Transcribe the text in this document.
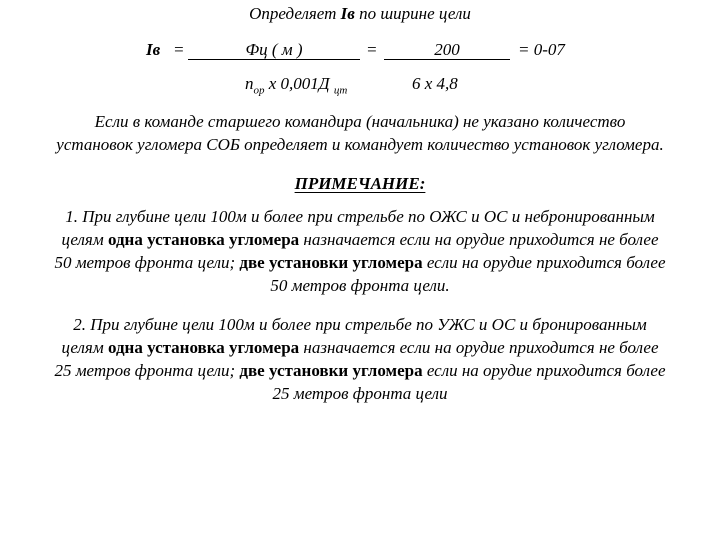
Определяет Iв по ширине цели
Iв =	Фц ( м )	=	200	= 0-07
$n_{ор}$ х 0,001Д $_{цт}$	6 х 4,8
Если в команде старшего командира (начальника) не указано количество
установок угломера СОБ определяет и командует количество установок угломера.
ПРИМЕЧАНИЕ:
1. При глубине цели 100м и более при стрельбе по ОЖС и ОС и небронированным
целям одна установка угломера назначается если на орудие приходится не более
50 метров фронта цели; две установки угломера если на орудие приходится более
50 метров фронта цели.
2. При глубине цели 100м и более при стрельбе по УЖС и ОС и бронированным
целям одна установка угломера назначается если на орудие приходится не более
25 метров фронта цели; две установки угломера если на орудие приходится более
25 метров фронта цели
